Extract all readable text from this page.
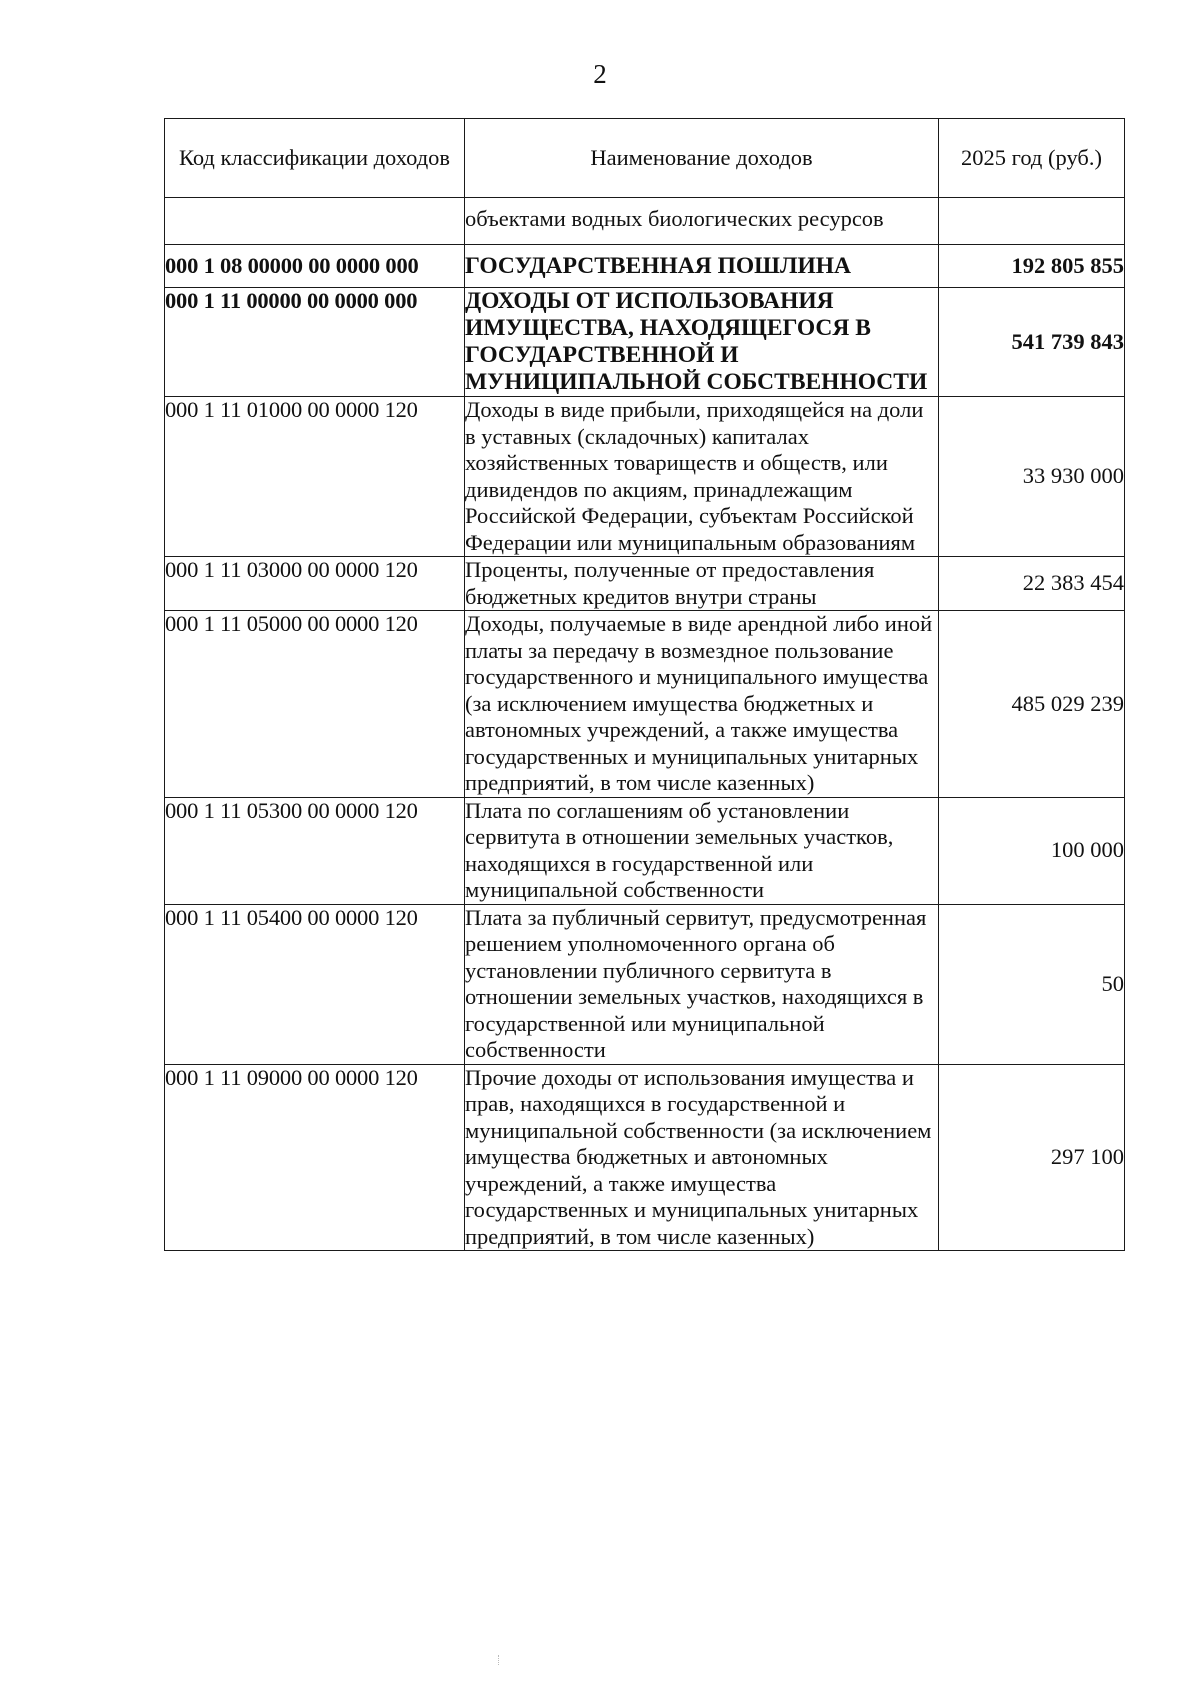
2
Код классификации доходов	Наименование доходов	2025 год (руб.)
	объектами водных биологических ресурсов	
000 1 08 00000 00 0000 000	ГОСУДАРСТВЕННАЯ ПОШЛИНА	192 805 855
000 1 11 00000 00 0000 000	ДОХОДЫ ОТ ИСПОЛЬЗОВАНИЯ ИМУЩЕСТВА, НАХОДЯЩЕГОСЯ В ГОСУДАРСТВЕННОЙ И МУНИЦИПАЛЬНОЙ СОБСТВЕННОСТИ	541 739 843
000 1 11 01000 00 0000 120	Доходы в виде прибыли, приходящейся на доли в уставных (складочных) капиталах хозяйственных товариществ и обществ, или дивидендов по акциям, принадлежащим Российской Федерации, субъектам Российской Федерации или муниципальным образованиям	33 930 000
000 1 11 03000 00 0000 120	Проценты, полученные от предоставления бюджетных кредитов внутри страны	22 383 454
000 1 11 05000 00 0000 120	Доходы, получаемые в виде арендной либо иной платы за передачу в возмездное пользование государственного и муниципального имущества (за исключением имущества бюджетных и автономных учреждений, а также имущества государственных и муниципальных унитарных предприятий, в том числе казенных)	485 029 239
000 1 11 05300 00 0000 120	Плата по соглашениям об установлении сервитута в отношении земельных участков, находящихся в государственной или муниципальной собственности	100 000
000 1 11 05400 00 0000 120	Плата за публичный сервитут, предусмотренная решением уполномоченного органа об установлении публичного сервитута в отношении земельных участков, находящихся в государственной или муниципальной собственности	50
000 1 11 09000 00 0000 120	Прочие доходы от использования имущества и прав, находящихся в государственной и муниципальной собственности (за исключением имущества бюджетных и автономных учреждений, а также имущества государственных и муниципальных унитарных предприятий, в том числе казенных)	297 100
